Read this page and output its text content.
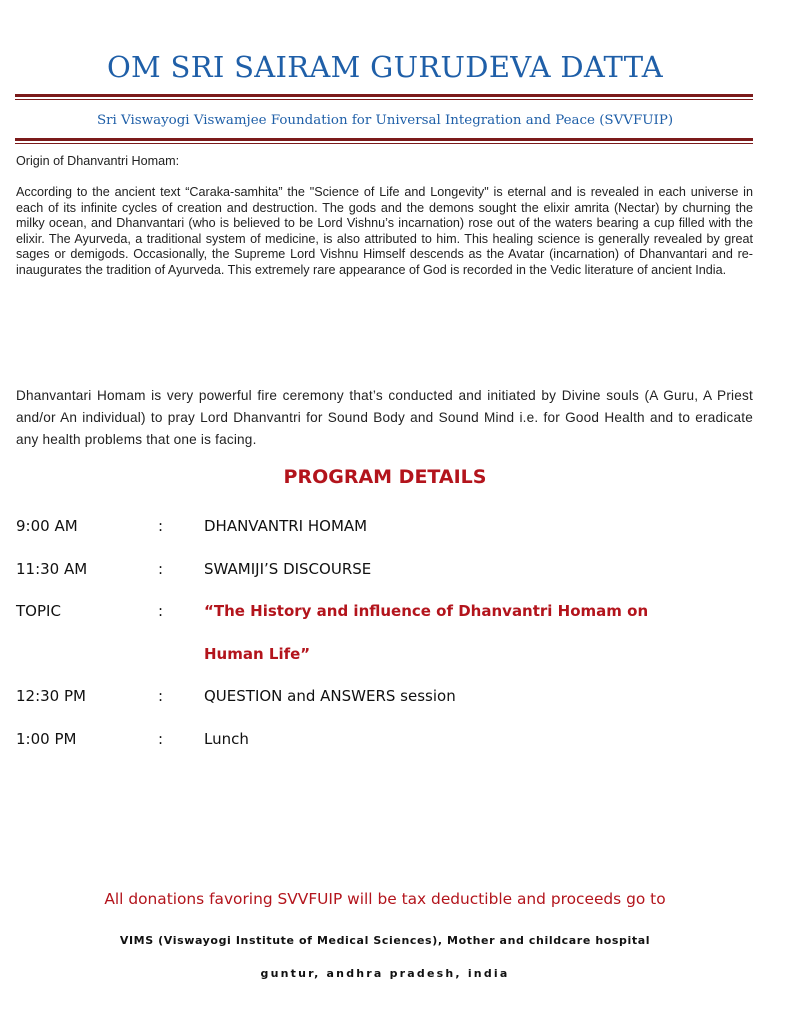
OM SRI SAIRAM GURUDEVA DATTA
Sri Viswayogi Viswamjee Foundation for Universal Integration and Peace (SVVFUIP)
Origin of Dhanvantri Homam:
According to the ancient text “Caraka-samhita” the "Science of Life and Longevity" is eternal and is revealed in each universe in each of its infinite cycles of creation and destruction. The gods and the demons sought the elixir amrita (Nectar) by churning the milky ocean, and Dhanvantari (who is believed to be Lord Vishnu’s incarnation) rose out of the waters bearing a cup filled with the elixir. The Ayurveda, a traditional system of medicine, is also attributed to him. This healing science is generally revealed by great sages or demigods. Occasionally, the Supreme Lord Vishnu Himself descends as the Avatar (incarnation) of Dhanvantari and re-inaugurates the tradition of Ayurveda. This extremely rare appearance of God is recorded in the Vedic literature of ancient India.
Dhanvantari Homam is very powerful fire ceremony that’s conducted and initiated by Divine souls (A Guru, A Priest and/or An individual) to pray Lord Dhanvantri for Sound Body and Sound Mind i.e. for Good Health and to eradicate any health problems that one is facing.
PROGRAM DETAILS
9:00 AM	:	DHANVANTRI HOMAM
11:30 AM	:	SWAMIJI’S DISCOURSE
TOPIC	:	“The History and influence of Dhanvantri Homam on
Human Life”
12:30 PM	:	QUESTION and ANSWERS session
1:00 PM	:	Lunch
All donations favoring SVVFUIP will be tax deductible and proceeds go to
VIMS (Viswayogi Institute of Medical Sciences), Mother and childcare hospital
guntur, andhra pradesh, india
